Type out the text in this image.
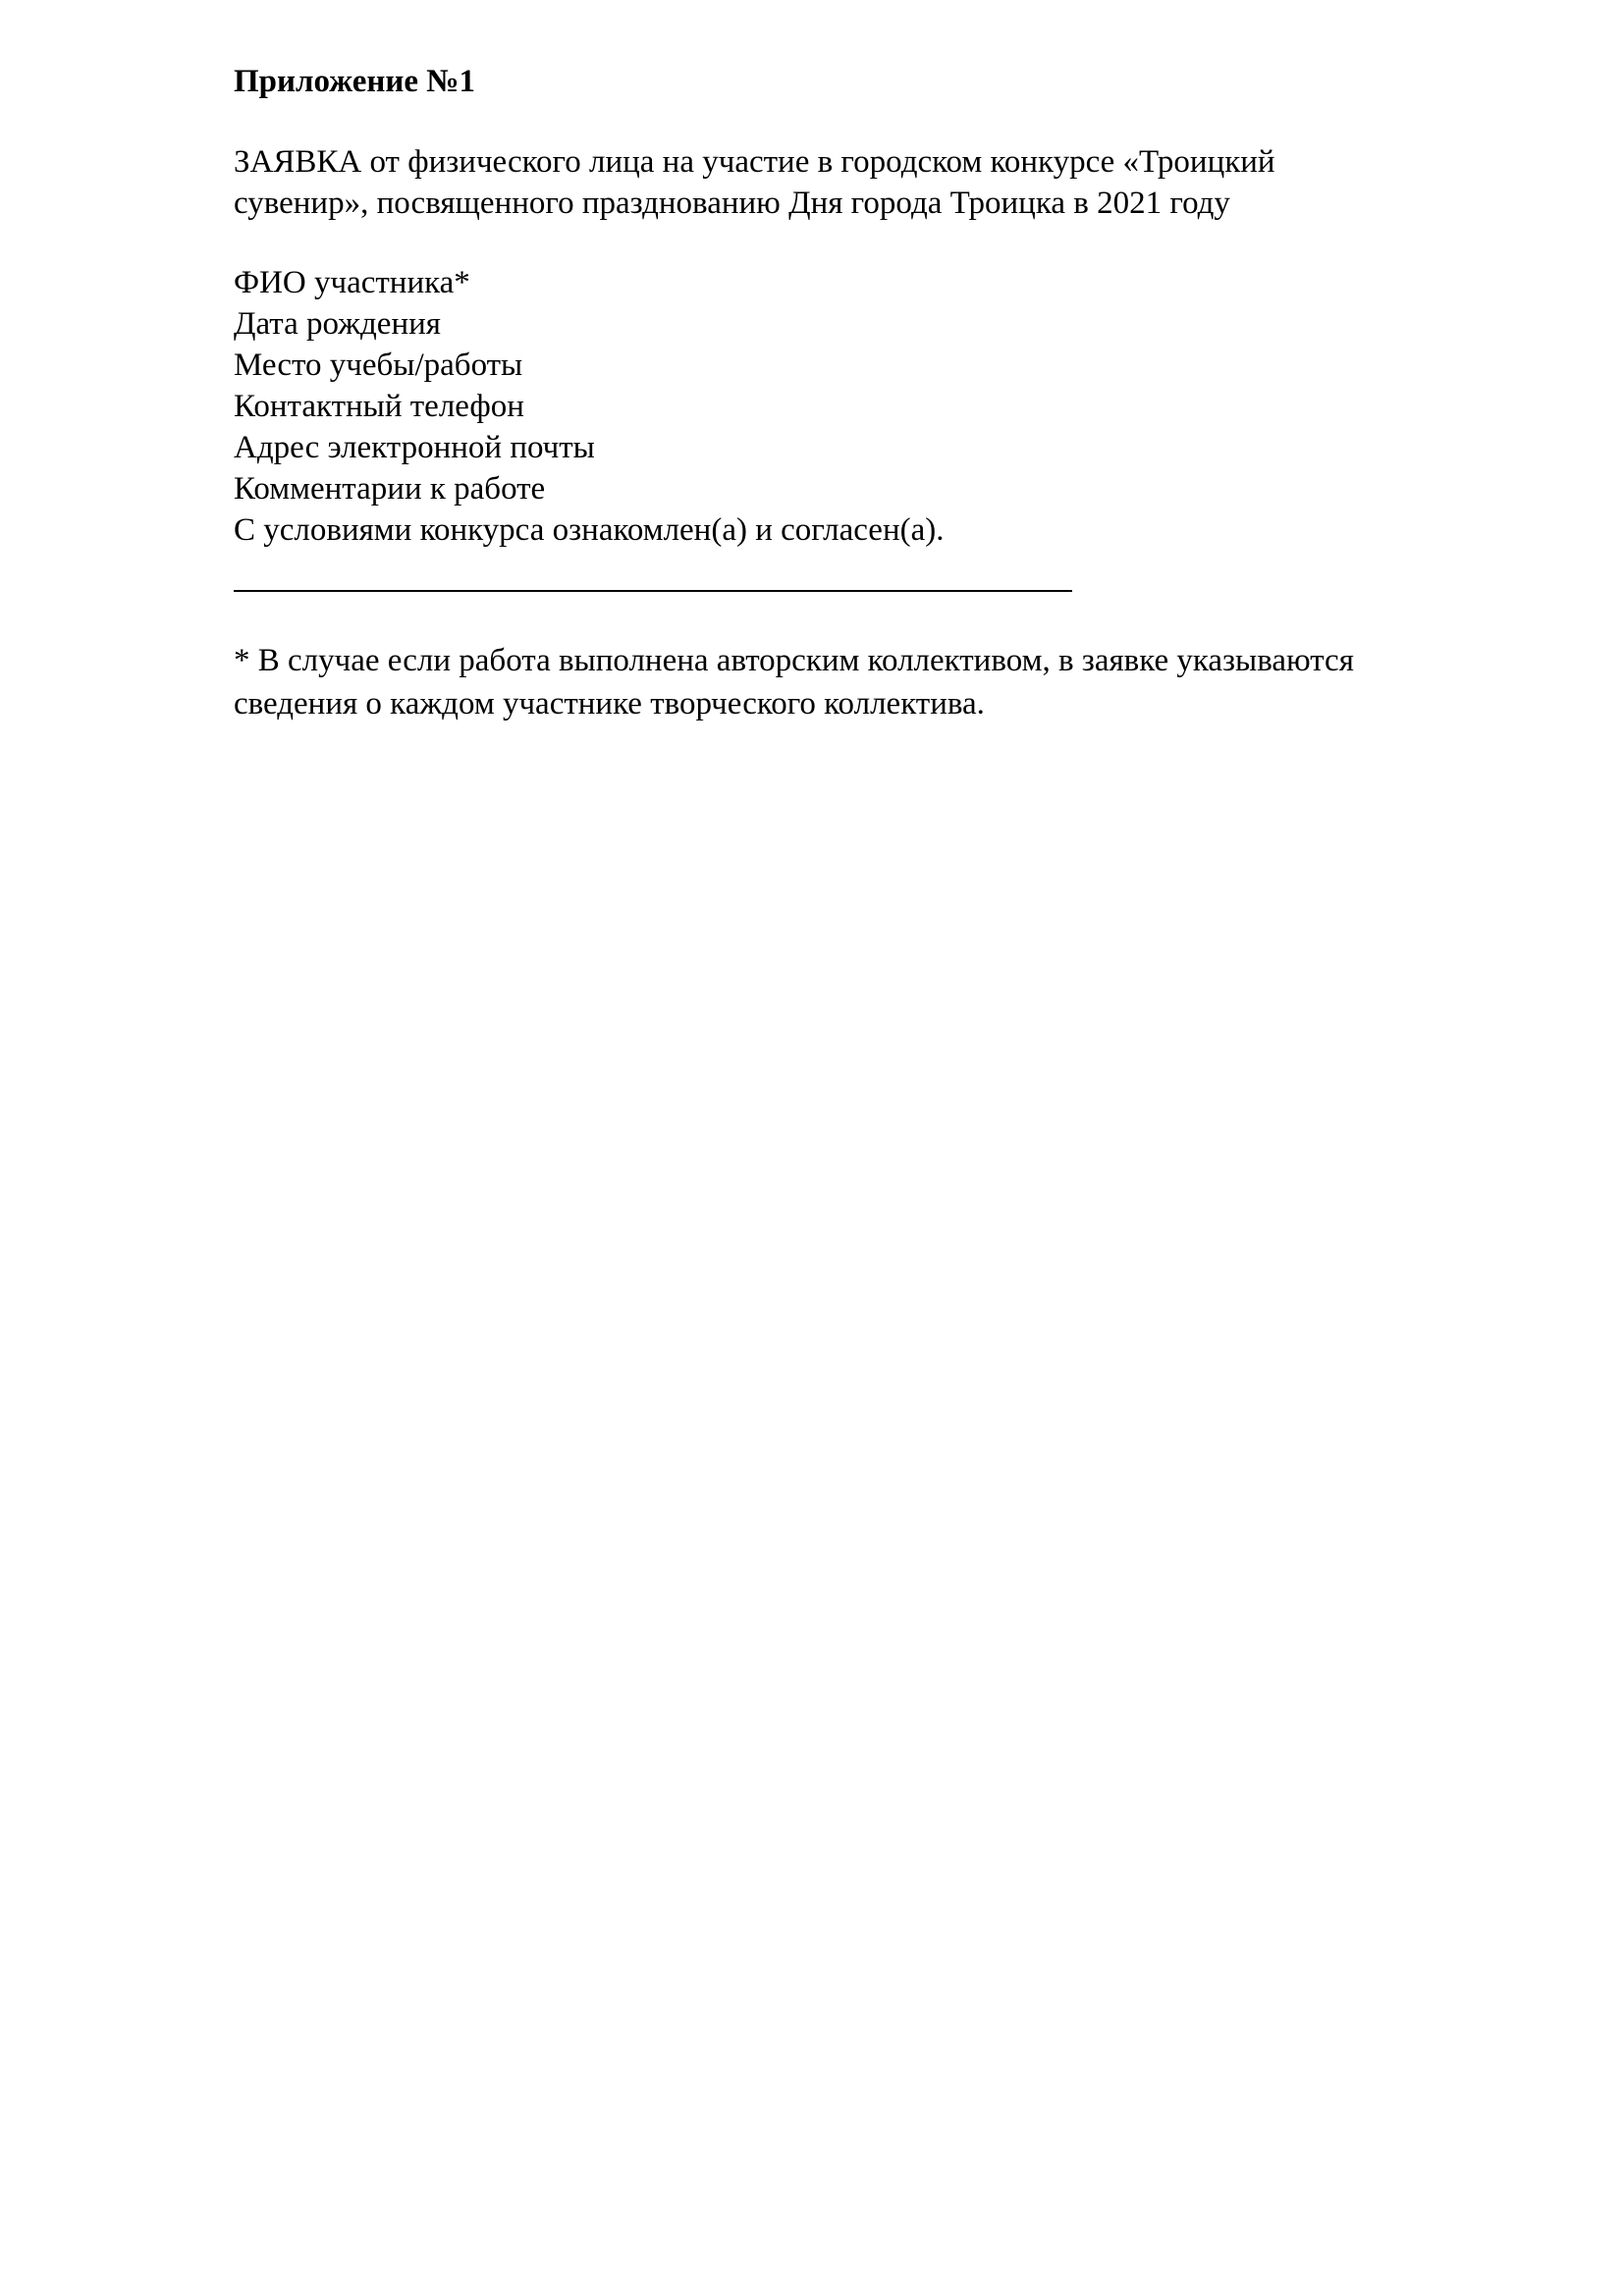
Приложение №1

ЗАЯВКА от физического лица на участие в городском конкурсе «Троицкий
сувенир», посвященного празднованию Дня города Троицка в 2021 году
ФИО участника*
Дата рождения
Место учебы/работы
Контактный телефон
Адрес электронной почты
Комментарии к работе
С условиями конкурса ознакомлен(а) и согласен(а).
* В случае если работа выполнена авторским коллективом, в заявке указываются
сведения о каждом участнике творческого коллектива.
